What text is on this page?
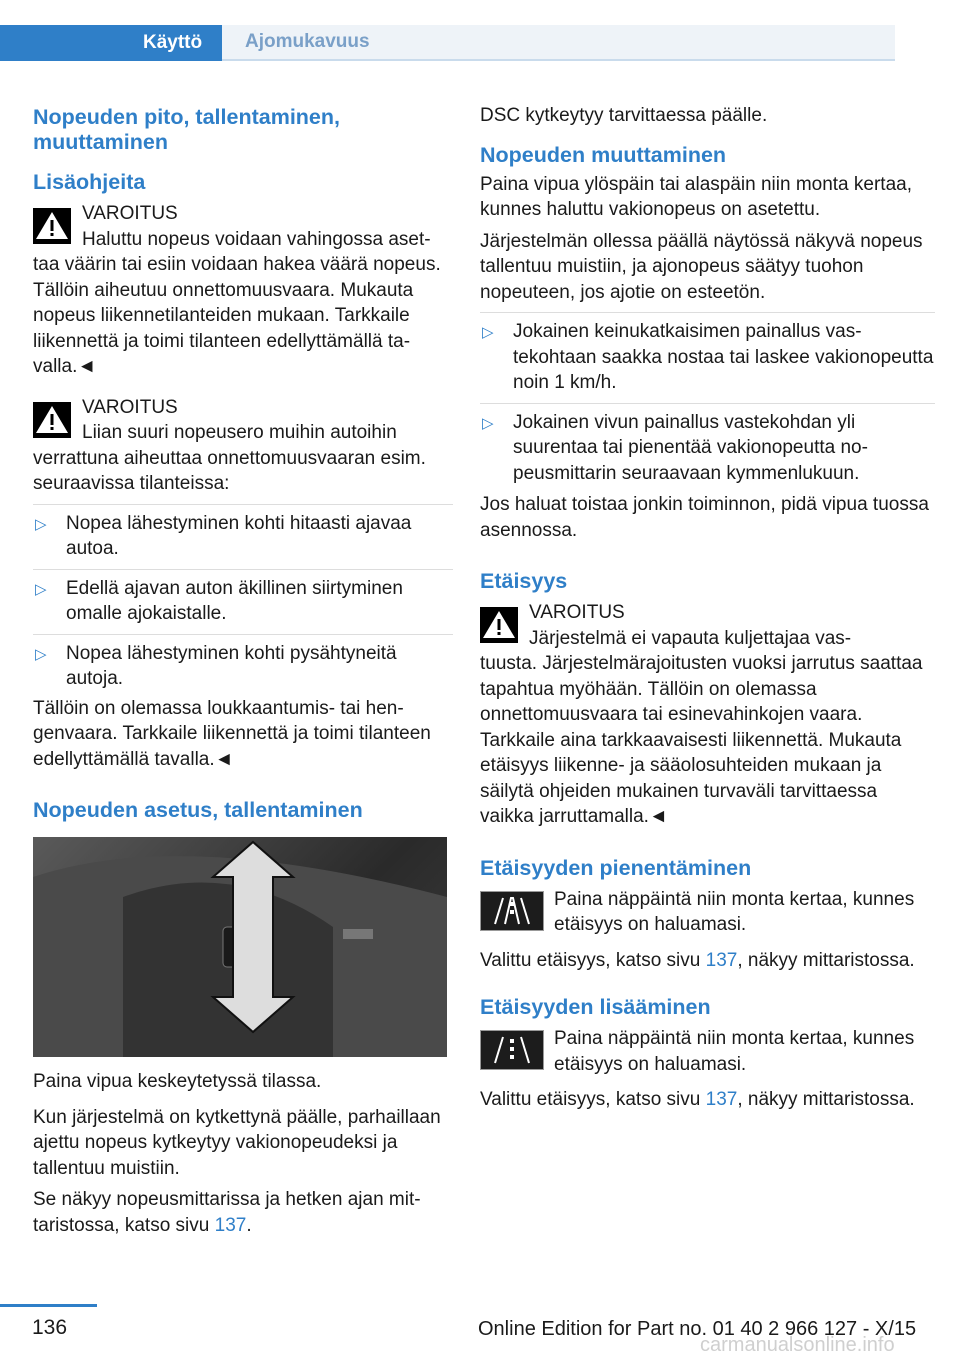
Käyttö	Ajomukavuus
Nopeuden pito, tallentaminen, muuttaminen
Lisäohjeita
VAROITUS
Haluttu nopeus voidaan vahingossa aset-

taa väärin tai esiin voidaan hakea väärä nopeus. Tällöin aiheutuu onnettomuusvaara. Mukauta nopeus liikennetilanteiden mukaan. Tarkkaile liikennettä ja toimi tilanteen edellyttämällä tavalla.◄

VAROITUS
Liian suuri nopeusero muihin autoihin

verrattuna aiheuttaa onnettomuusvaaran esim. seuraavissa tilanteissa:

▷ Nopea lähestyminen kohti hitaasti ajavaa autoa.
▷ Edellä ajavan auton äkillinen siirtyminen omalle ajokaistalle.
▷ Nopea lähestyminen kohti pysähtyneitä autoja.

Tällöin on olemassa loukkaantumis- tai hengenvaara. Tarkkaile liikennettä ja toimi tilanteen edellyttämällä tavalla.◄

Nopeuden asetus, tallentaminen

Paina vipua keskeytetyssä tilassa.

Kun järjestelmä on kytkettynä päälle, parhaillaan ajettu nopeus kytkeytyy vakionopeudeksi ja tallentuu muistiin.

Se näkyy nopeusmittarissa ja hetken ajan mittaristossa, katso sivu 137.

DSC kytkeytyy tarvittaessa päälle.

Nopeuden muuttaminen

Paina vipua ylöspäin tai alaspäin niin monta kertaa, kunnes haluttu vakionopeus on asetettu.

Järjestelmän ollessa päällä näytössä näkyvä nopeus tallentuu muistiin, ja ajonopeus säätyy tuohon nopeuteen, jos ajotie on esteetön.

▷ Jokainen keinukatkaisimen painallus vastekohtaan saakka nostaa tai laskee vakionopeutta noin 1 km/h.
▷ Jokainen vivun painallus vastekohdan yli suurentaa tai pienentää vakionopeutta nopeusmittarin seuraavaan kymmenlukuun.

Jos haluat toistaa jonkin toiminnon, pidä vipua tuossa asennossa.

Etäisyys
VAROITUS
Järjestelmä ei vapauta kuljettajaa vas-

tuusta. Järjestelmärajoitusten vuoksi jarrutus saattaa tapahtua myöhään. Tällöin on olemassa onnettomuusvaara tai esinevahinkojen vaara. Tarkkaile aina tarkkaavaisesti liikennettä. Mukauta etäisyys liikenne- ja sääolosuhteiden mukaan ja säilytä ohjeiden mukainen turvaväli tarvittaessa vaikka jarruttamalla.◄

Etäisyyden pienentäminen

Paina näppäintä niin monta kertaa, kunnes etäisyys on haluamasi.

Valittu etäisyys, katso sivu 137, näkyy mittaristossa.

Etäisyyden lisääminen

Paina näppäintä niin monta kertaa, kunnes etäisyys on haluamasi.

Valittu etäisyys, katso sivu 137, näkyy mittaristossa.

136	Online Edition for Part no. 01 40 2 966 127 - X/15
carmanualsonline.info
